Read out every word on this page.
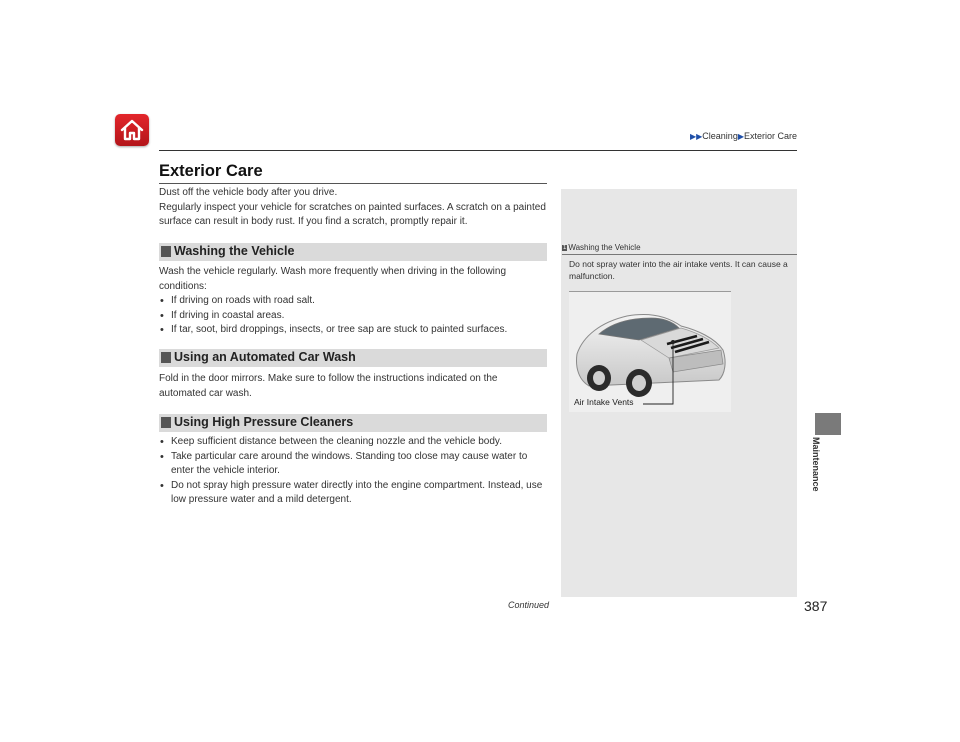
▶▶Cleaning▶Exterior Care
Exterior Care

Dust off the vehicle body after you drive.

Regularly inspect your vehicle for scratches on painted surfaces. A scratch on a painted surface can result in body rust. If you find a scratch, promptly repair it.

Washing the Vehicle

Wash the vehicle regularly. Wash more frequently when driving in the following conditions:

• If driving on roads with road salt.
• If driving in coastal areas.
• If tar, soot, bird droppings, insects, or tree sap are stuck to painted surfaces.
Using an Automated Car Wash

Fold in the door mirrors. Make sure to follow the instructions indicated on the automated car wash.

Using High Pressure Cleaners
• Keep sufficient distance between the cleaning nozzle and the vehicle body.
• Take particular care around the windows. Standing too close may cause water to enter the vehicle interior.
• Do not spray high pressure water directly into the engine compartment. Instead, use low pressure water and a mild detergent.
1 Washing the Vehicle
Do not spray water into the air intake vents. It can cause a malfunction.
Air Intake Vents
Maintenance
Continued	387
